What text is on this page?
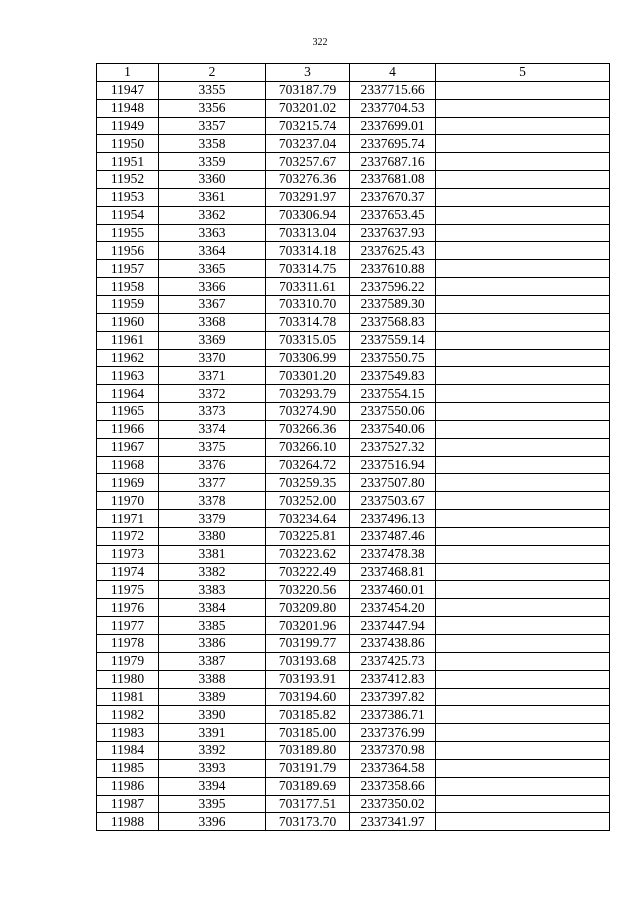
322
1	2	3	4	5
11947	3355	703187.79	2337715.66	
11948	3356	703201.02	2337704.53	
11949	3357	703215.74	2337699.01	
11950	3358	703237.04	2337695.74	
11951	3359	703257.67	2337687.16	
11952	3360	703276.36	2337681.08	
11953	3361	703291.97	2337670.37	
11954	3362	703306.94	2337653.45	
11955	3363	703313.04	2337637.93	
11956	3364	703314.18	2337625.43	
11957	3365	703314.75	2337610.88	
11958	3366	703311.61	2337596.22	
11959	3367	703310.70	2337589.30	
11960	3368	703314.78	2337568.83	
11961	3369	703315.05	2337559.14	
11962	3370	703306.99	2337550.75	
11963	3371	703301.20	2337549.83	
11964	3372	703293.79	2337554.15	
11965	3373	703274.90	2337550.06	
11966	3374	703266.36	2337540.06	
11967	3375	703266.10	2337527.32	
11968	3376	703264.72	2337516.94	
11969	3377	703259.35	2337507.80	
11970	3378	703252.00	2337503.67	
11971	3379	703234.64	2337496.13	
11972	3380	703225.81	2337487.46	
11973	3381	703223.62	2337478.38	
11974	3382	703222.49	2337468.81	
11975	3383	703220.56	2337460.01	
11976	3384	703209.80	2337454.20	
11977	3385	703201.96	2337447.94	
11978	3386	703199.77	2337438.86	
11979	3387	703193.68	2337425.73	
11980	3388	703193.91	2337412.83	
11981	3389	703194.60	2337397.82	
11982	3390	703185.82	2337386.71	
11983	3391	703185.00	2337376.99	
11984	3392	703189.80	2337370.98	
11985	3393	703191.79	2337364.58	
11986	3394	703189.69	2337358.66	
11987	3395	703177.51	2337350.02	
11988	3396	703173.70	2337341.97	
